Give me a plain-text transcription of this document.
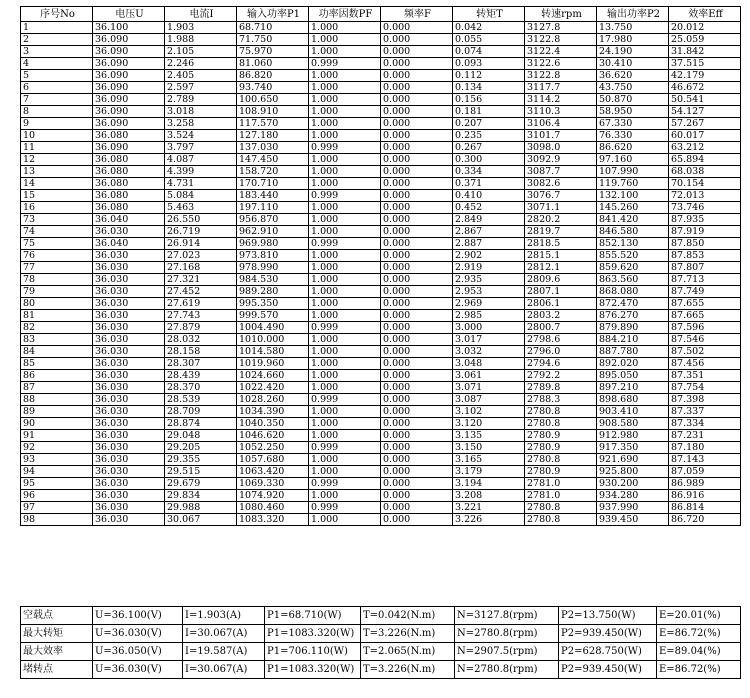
序号No	电压U	电流I	输入功率P1	功率因数PF	频率F	转矩T	转速rpm	输出功率P2	效率Eff
1	36.100	1.903	68.710	1.000	0.000	0.042	3127.8	13.750	20.012
2	36.090	1.988	71.750	1.000	0.000	0.055	3122.8	17.980	25.059
3	36.090	2.105	75.970	1.000	0.000	0.074	3122.4	24.190	31.842
4	36.090	2.246	81.060	0.999	0.000	0.093	3122.6	30.410	37.515
5	36.090	2.405	86.820	1.000	0.000	0.112	3122.8	36.620	42.179
6	36.090	2.597	93.740	1.000	0.000	0.134	3117.7	43.750	46.672
7	36.090	2.789	100.650	1.000	0.000	0.156	3114.2	50.870	50.541
8	36.090	3.018	108.910	1.000	0.000	0.181	3110.3	58.950	54.127
9	36.090	3.258	117.570	1.000	0.000	0.207	3106.4	67.330	57.267
10	36.080	3.524	127.180	1.000	0.000	0.235	3101.7	76.330	60.017
11	36.090	3.797	137.030	0.999	0.000	0.267	3098.0	86.620	63.212
12	36.080	4.087	147.450	1.000	0.000	0.300	3092.9	97.160	65.894
13	36.080	4.399	158.720	1.000	0.000	0.334	3087.7	107.990	68.038
14	36.080	4.731	170.710	1.000	0.000	0.371	3082.6	119.760	70.154
15	36.080	5.084	183.440	0.999	0.000	0.410	3076.7	132.100	72.013
16	36.080	5.463	197.110	1.000	0.000	0.452	3071.1	145.260	73.746
73	36.040	26.550	956.870	1.000	0.000	2.849	2820.2	841.420	87.935
74	36.030	26.719	962.910	1.000	0.000	2.867	2819.7	846.580	87.919
75	36.040	26.914	969.980	0.999	0.000	2.887	2818.5	852.130	87.850
76	36.030	27.023	973.810	1.000	0.000	2.902	2815.1	855.520	87.853
77	36.030	27.168	978.990	1.000	0.000	2.919	2812.1	859.620	87.807
78	36.030	27.321	984.530	1.000	0.000	2.935	2809.6	863.560	87.713
79	36.030	27.452	989.280	1.000	0.000	2.953	2807.1	868.080	87.749
80	36.030	27.619	995.350	1.000	0.000	2.969	2806.1	872.470	87.655
81	36.030	27.743	999.570	1.000	0.000	2.985	2803.2	876.270	87.665
82	36.030	27.879	1004.490	0.999	0.000	3.000	2800.7	879.890	87.596
83	36.030	28.032	1010.000	1.000	0.000	3.017	2798.6	884.210	87.546
84	36.030	28.158	1014.580	1.000	0.000	3.032	2796.0	887.780	87.502
85	36.030	28.307	1019.960	1.000	0.000	3.048	2794.6	892.020	87.456
86	36.030	28.439	1024.660	1.000	0.000	3.061	2792.2	895.050	87.351
87	36.030	28.370	1022.420	1.000	0.000	3.071	2789.8	897.210	87.754
88	36.030	28.539	1028.260	0.999	0.000	3.087	2788.3	898.680	87.398
89	36.030	28.709	1034.390	1.000	0.000	3.102	2780.8	903.410	87.337
90	36.030	28.874	1040.350	1.000	0.000	3.120	2780.8	908.580	87.334
91	36.030	29.048	1046.620	1.000	0.000	3.135	2780.9	912.980	87.231
92	36.030	29.205	1052.250	0.999	0.000	3.150	2780.9	917.350	87.180
93	36.030	29.355	1057.680	1.000	0.000	3.165	2780.8	921.690	87.143
94	36.030	29.515	1063.420	1.000	0.000	3.179	2780.9	925.800	87.059
95	36.030	29.679	1069.330	0.999	0.000	3.194	2781.0	930.200	86.989
96	36.030	29.834	1074.920	1.000	0.000	3.208	2781.0	934.280	86.916
97	36.030	29.988	1080.460	0.999	0.000	3.221	2780.8	937.990	86.814
98	36.030	30.067	1083.320	1.000	0.000	3.226	2780.8	939.450	86.720
空载点	U=36.100(V)	I=1.903(A)	P1=68.710(W)	T=0.042(N.m)	N=3127.8(rpm)	P2=13.750(W)	E=20.01(%)
最大转矩	U=36.030(V)	I=30.067(A)	P1=1083.320(W)	T=3.226(N.m)	N=2780.8(rpm)	P2=939.450(W)	E=86.72(%)
最大效率	U=36.050(V)	I=19.587(A)	P1=706.110(W)	T=2.065(N.m)	N=2907.5(rpm)	P2=628.750(W)	E=89.04(%)
堵转点	U=36.030(V)	I=30.067(A)	P1=1083.320(W)	T=3.226(N.m)	N=2780.8(rpm)	P2=939.450(W)	E=86.72(%)
